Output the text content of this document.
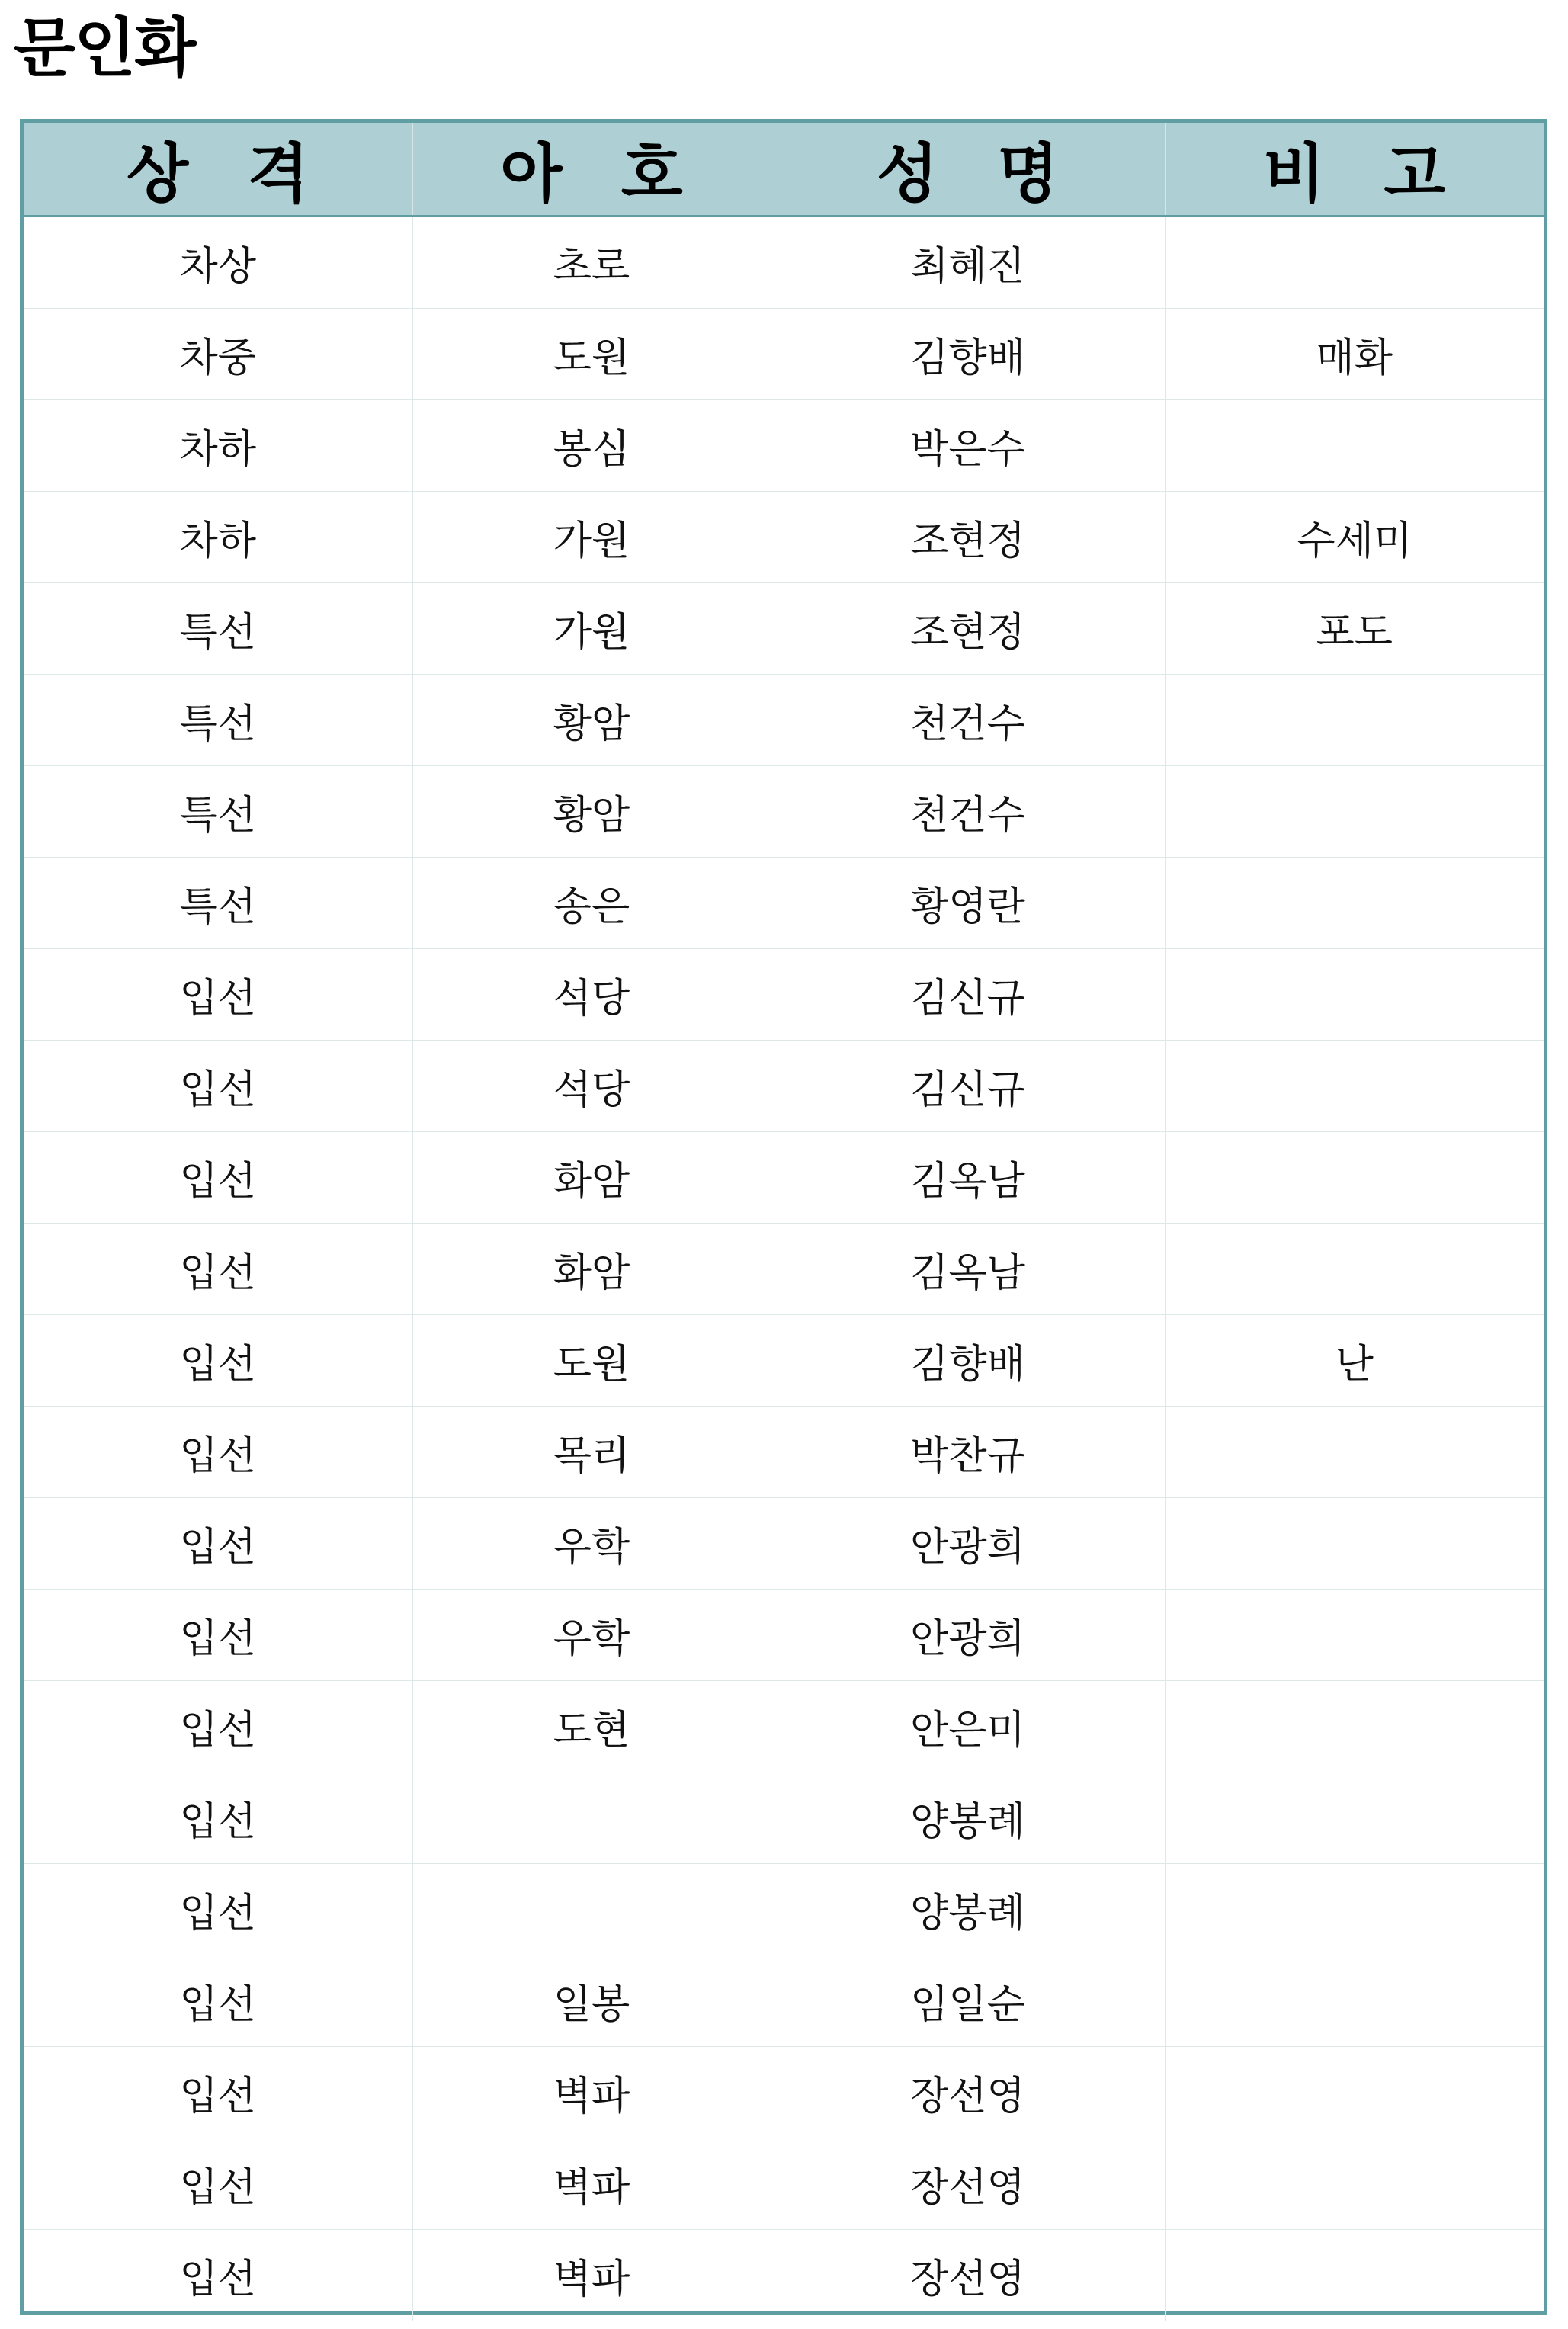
문인화
상 격	아 호	성 명	비 고
차상	초로	최혜진	
차중	도원	김향배	매화
차하	봉심	박은수	
차하	가원	조현정	수세미
특선	가원	조현정	포도
특선	황암	천건수	
특선	황암	천건수	
특선	송은	황영란	
입선	석당	김신규	
입선	석당	김신규	
입선	화암	김옥남	
입선	화암	김옥남	
입선	도원	김향배	난
입선	목리	박찬규	
입선	우학	안광희	
입선	우학	안광희	
입선	도현	안은미	
입선		양봉례	
입선		양봉례	
입선	일봉	임일순	
입선	벽파	장선영	
입선	벽파	장선영	
입선	벽파	장선영	
